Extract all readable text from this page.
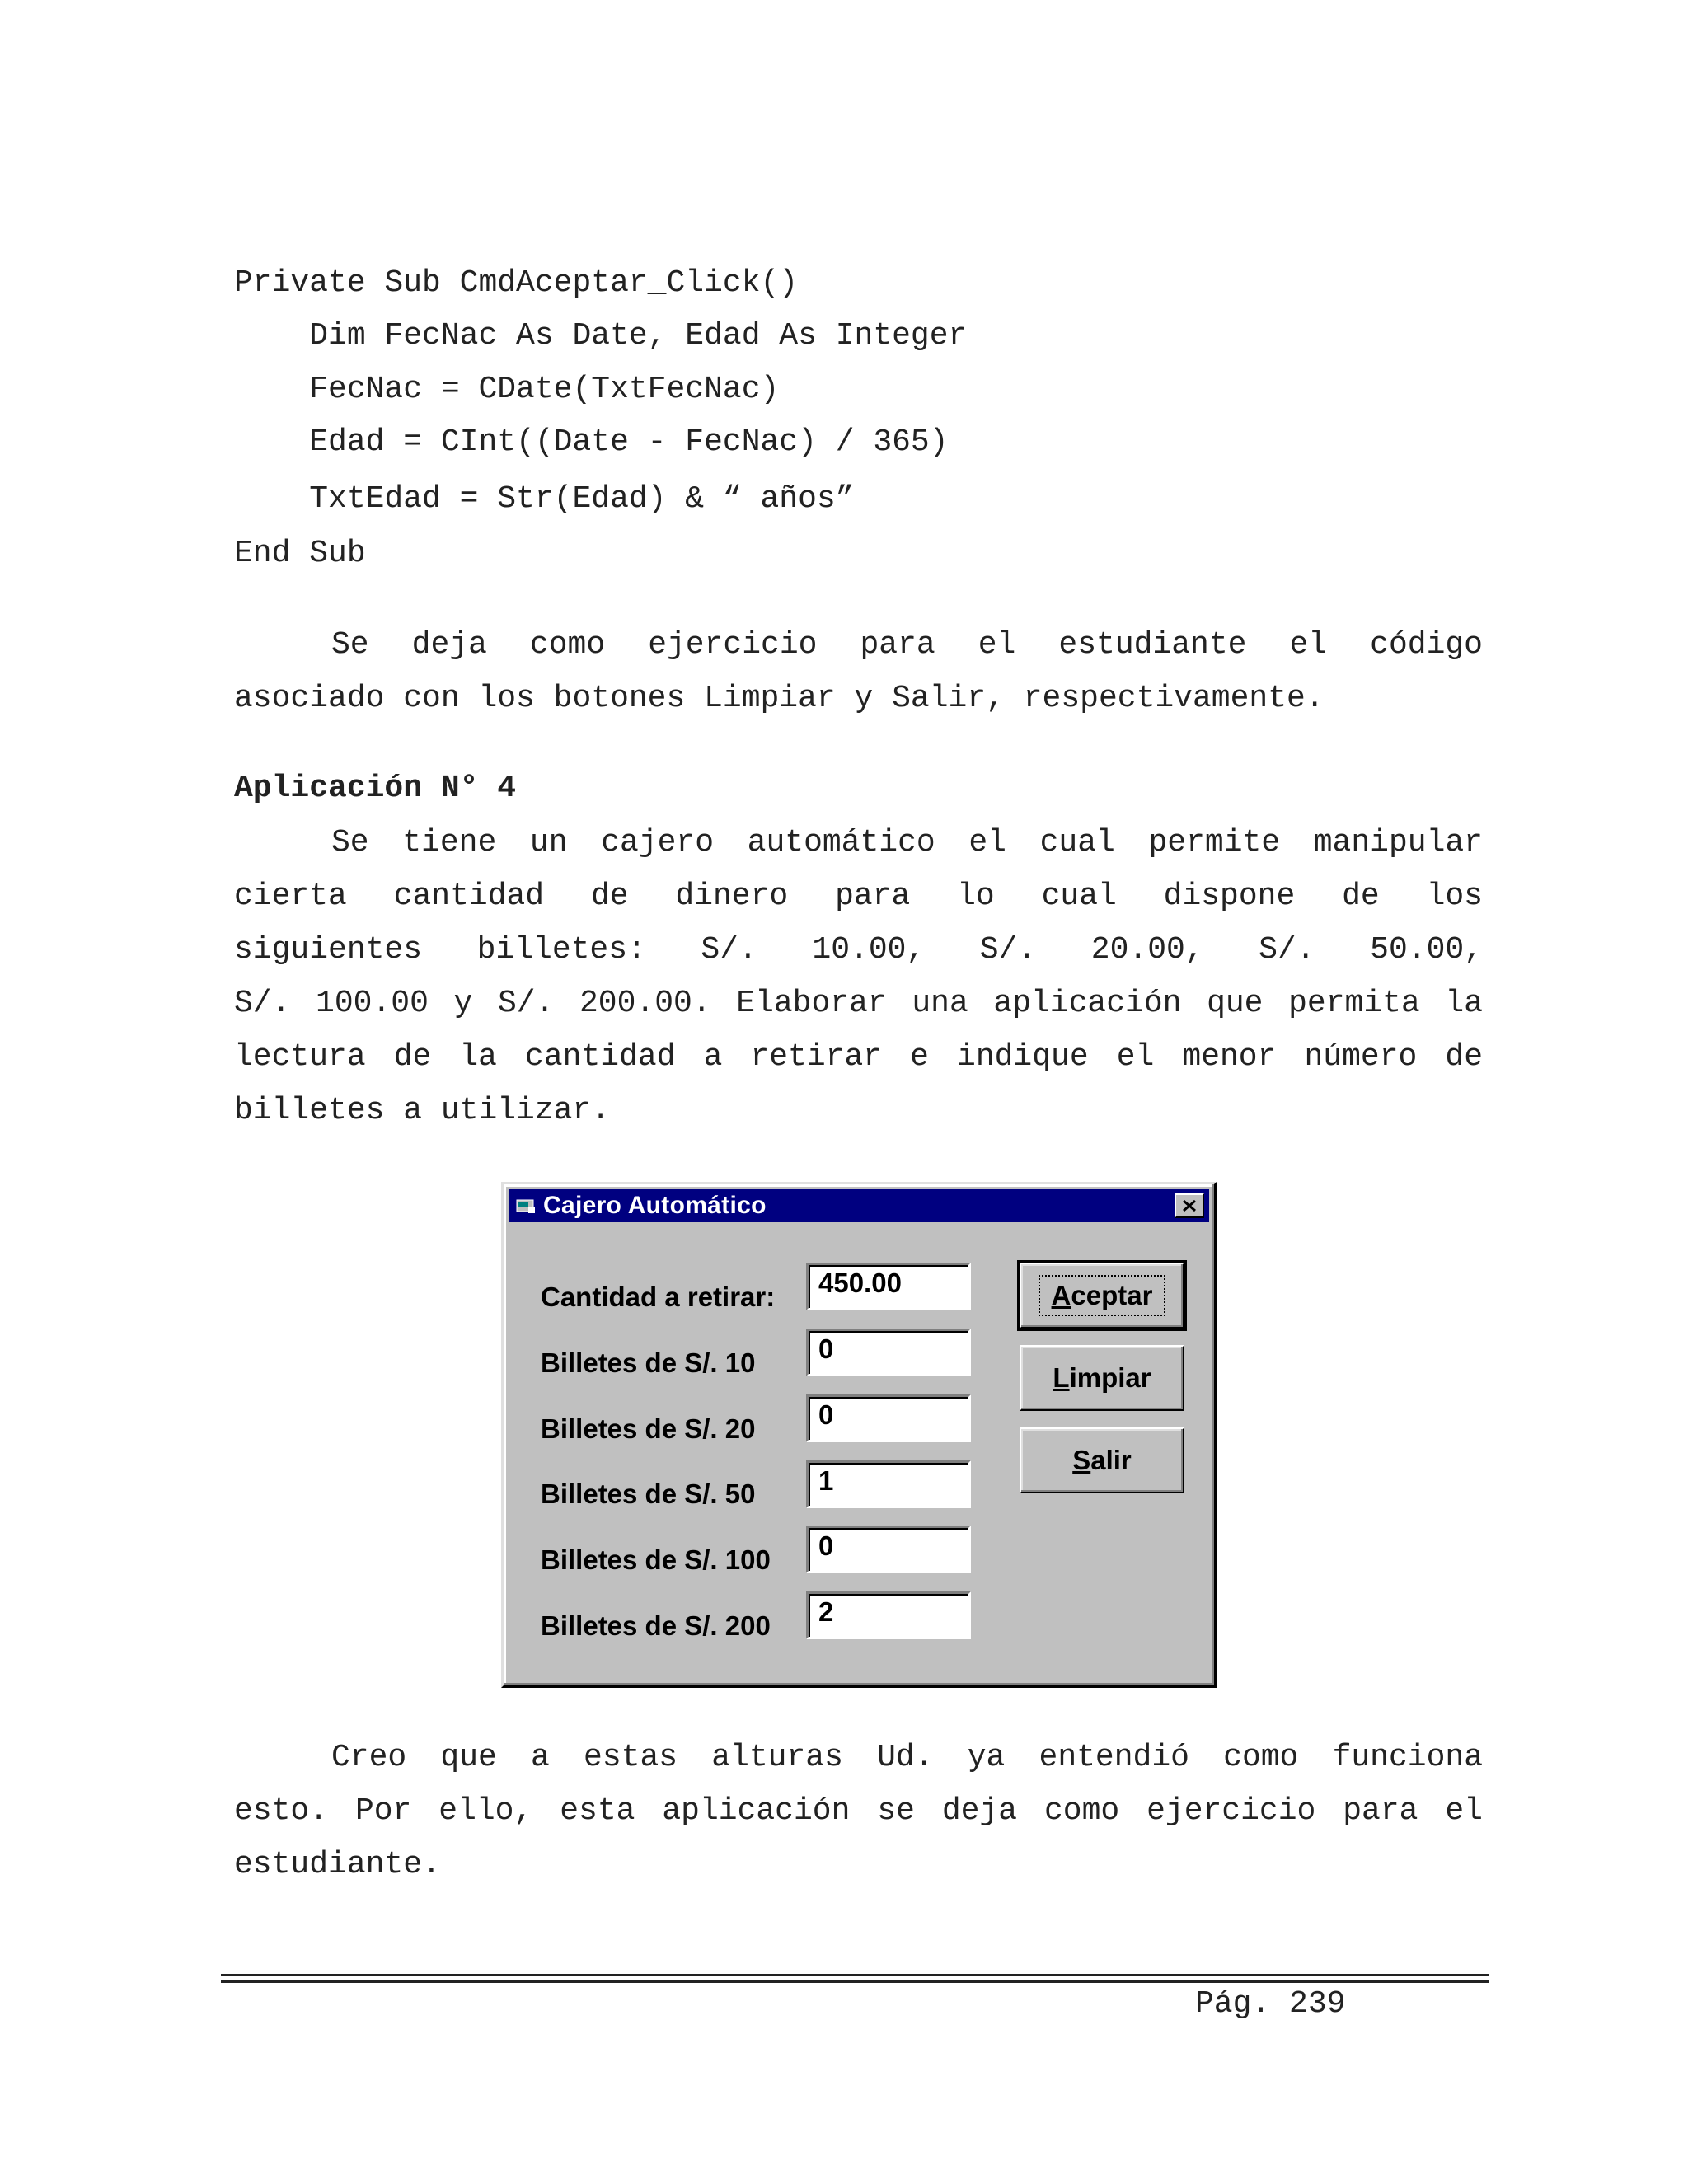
Private Sub CmdAceptar_Click()
Dim FecNac As Date, Edad As Integer
FecNac = CDate(TxtFecNac)
Edad = CInt((Date - FecNac) / 365)
TxtEdad = Str(Edad) & “ años”
End Sub
Se deja como ejercicio para el estudiante el código
asociado con los botones Limpiar y Salir, respectivamente.
Aplicación N° 4
Se tiene un cajero automático el cual permite manipular
cierta cantidad de dinero para lo cual dispone de los
siguientes billetes: S/. 10.00, S/. 20.00, S/. 50.00,
S/. 100.00 y S/. 200.00. Elaborar una aplicación que permita la
lectura de la cantidad a retirar e indique el menor número de
billetes a utilizar.
Cajero Automático
Cantidad a retirar:
Billetes de S/. 10
Billetes de S/. 20
Billetes de S/. 50
Billetes de S/. 100
Billetes de S/. 200
450.00
0
0
1
0
2
Aceptar
L impiar
S alir
Creo que a estas alturas Ud. ya entendió como funciona
esto. Por ello, esta aplicación se deja como ejercicio para el
estudiante.
Pág. 239
